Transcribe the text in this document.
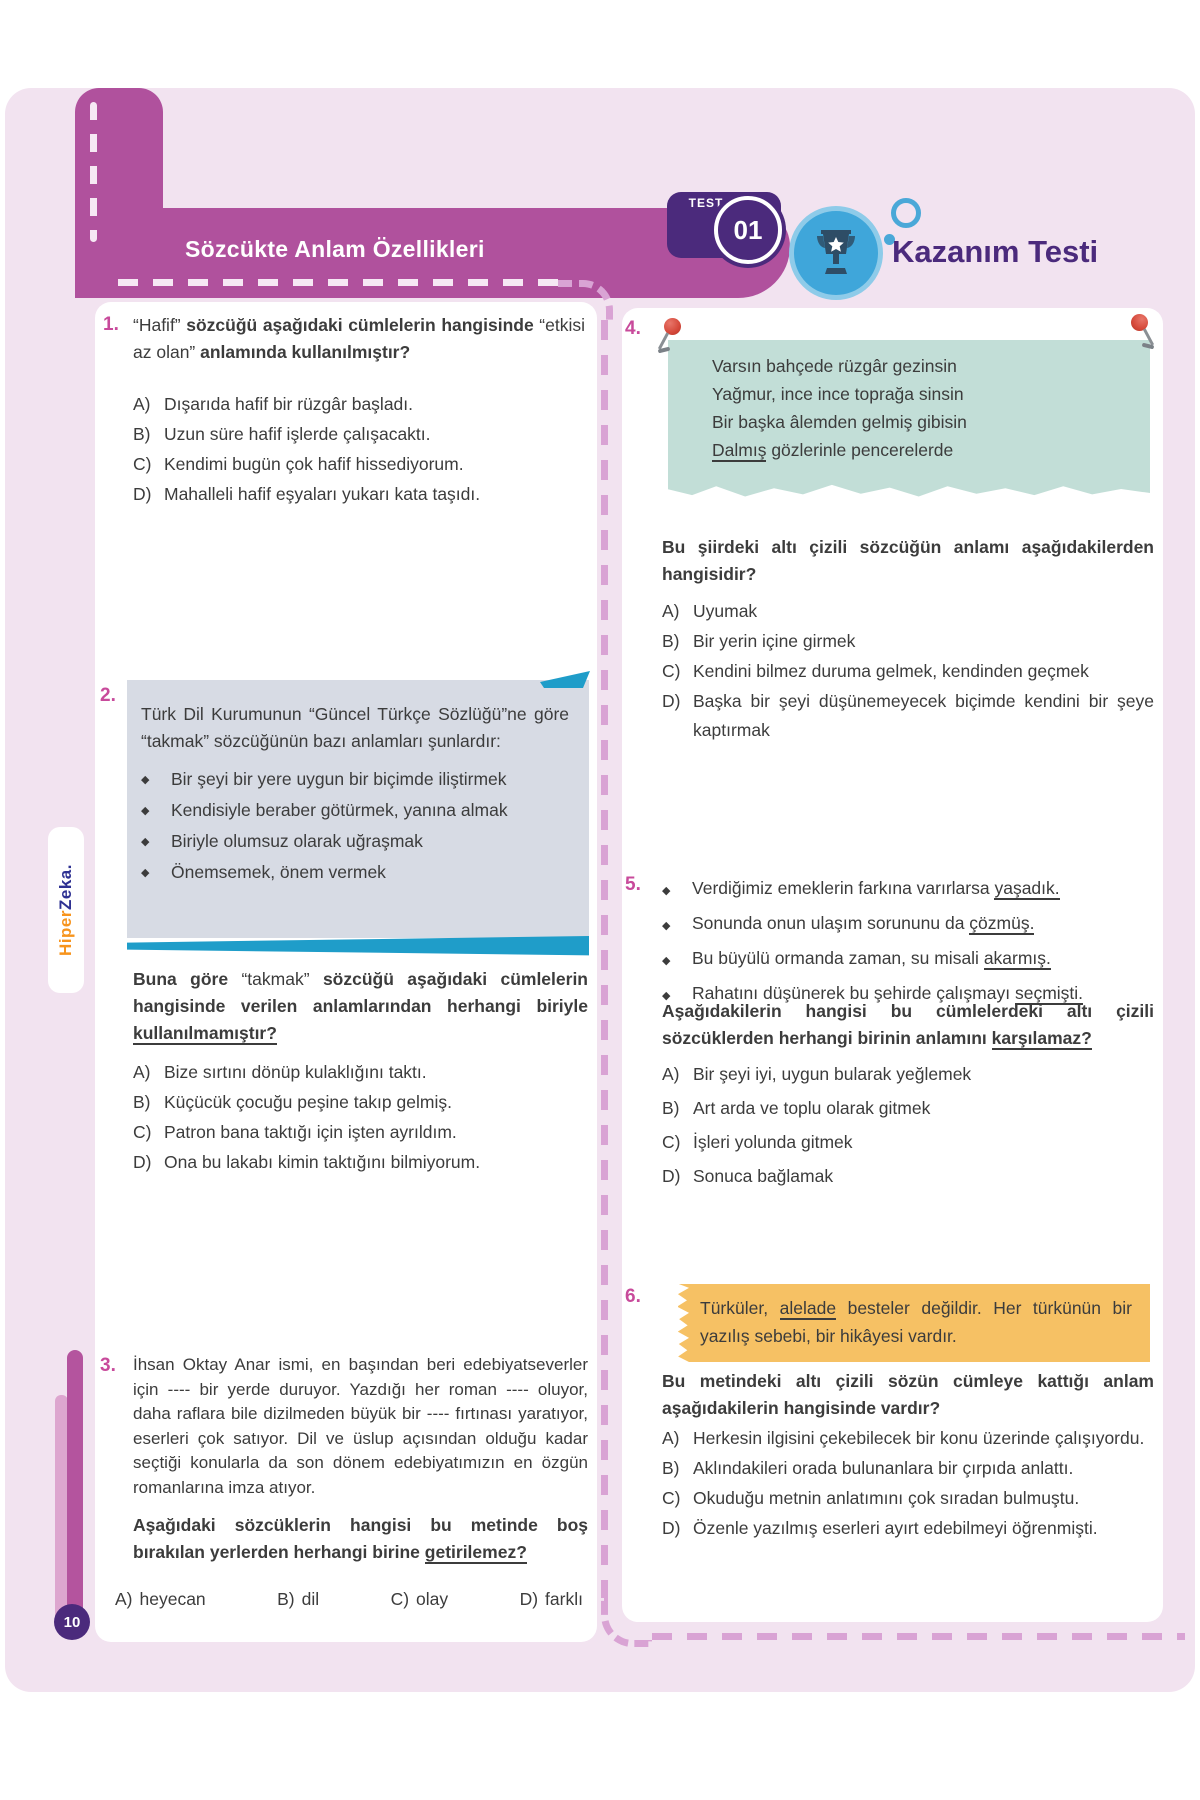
Sözcükte Anlam Özellikleri
TEST
01
Kazanım Testi
1. “Hafif” sözcüğü aşağıdaki cümlelerin hangisinde “etkisi az olan” anlamında kullanılmıştır?
A) Dışarıda hafif bir rüzgâr başladı.
B) Uzun süre hafif işlerde çalışacaktı.
C) Kendimi bugün çok hafif hissediyorum.
D) Mahalleli hafif eşyaları yukarı kata taşıdı.
2.
Türk Dil Kurumunun “Güncel Türkçe Sözlüğü”ne göre “takmak” sözcüğünün bazı anlamları şunlardır:
◆	Bir şeyi bir yere uygun bir biçimde iliştirmek
◆	Kendisiyle beraber götürmek, yanına almak
◆	Biriyle olumsuz olarak uğraşmak
◆	Önemsemek, önem vermek
Buna göre “takmak” sözcüğü aşağıdaki cümlelerin hangisinde verilen anlamlarından herhangi biriyle kullanılmamıştır?
A) Bize sırtını dönüp kulaklığını taktı.
B) Küçücük çocuğu peşine takıp gelmiş.
C) Patron bana taktığı için işten ayrıldım.
D) Ona bu lakabı kimin taktığını bilmiyorum.
3. İhsan Oktay Anar ismi, en başından beri edebiyatseverler için ---- bir yerde duruyor. Yazdığı her roman ---- oluyor, daha raflara bile dizilmeden büyük bir ---- fırtınası yaratıyor, eserleri çok satıyor. Dil ve üslup açısından olduğu kadar seçtiği konularla da son dönem edebiyatımızın en özgün romanlarına imza atıyor.
Aşağıdaki sözcüklerin hangisi bu metinde boş bırakılan yerlerden herhangi birine getirilemez?
A) heyecan	B) dil	C) olay	D) farklı
4.
Varsın bahçede rüzgâr gezinsin
Yağmur, ince ince toprağa sinsin
Bir başka âlemden gelmiş gibisin
Dalmış gözlerinle pencerelerde
Bu şiirdeki altı çizili sözcüğün anlamı aşağıdakilerden hangisidir?
A) Uyumak
B) Bir yerin içine girmek
C) Kendini bilmez duruma gelmek, kendinden geçmek
D) Başka bir şeyi düşünemeyecek biçimde kendini bir şeye kaptırmak
5. ◆	Verdiğimiz emeklerin farkına varırlarsa yaşadık.
◆	Sonunda onun ulaşım sorununu da çözmüş.
◆	Bu büyülü ormanda zaman, su misali akarmış.
◆	Rahatını düşünerek bu şehirde çalışmayı seçmişti.
Aşağıdakilerin hangisi bu cümlelerdeki altı çizili sözcüklerden herhangi birinin anlamını karşılamaz?
A) Bir şeyi iyi, uygun bularak yeğlemek
B) Art arda ve toplu olarak gitmek
C) İşleri yolunda gitmek
D) Sonuca bağlamak
6.
Türküler, alelade besteler değildir. Her türkünün bir yazılış sebebi, bir hikâyesi vardır.
Bu metindeki altı çizili sözün cümleye kattığı anlam aşağıdakilerin hangisinde vardır?
A) Herkesin ilgisini çekebilecek bir konu üzerinde çalışıyordu.
B) Aklındakileri orada bulunanlara bir çırpıda anlattı.
C) Okuduğu metnin anlatımını çok sıradan bulmuştu.
D) Özenle yazılmış eserleri ayırt edebilmeyi öğrenmişti.
HiperZeka.
10
